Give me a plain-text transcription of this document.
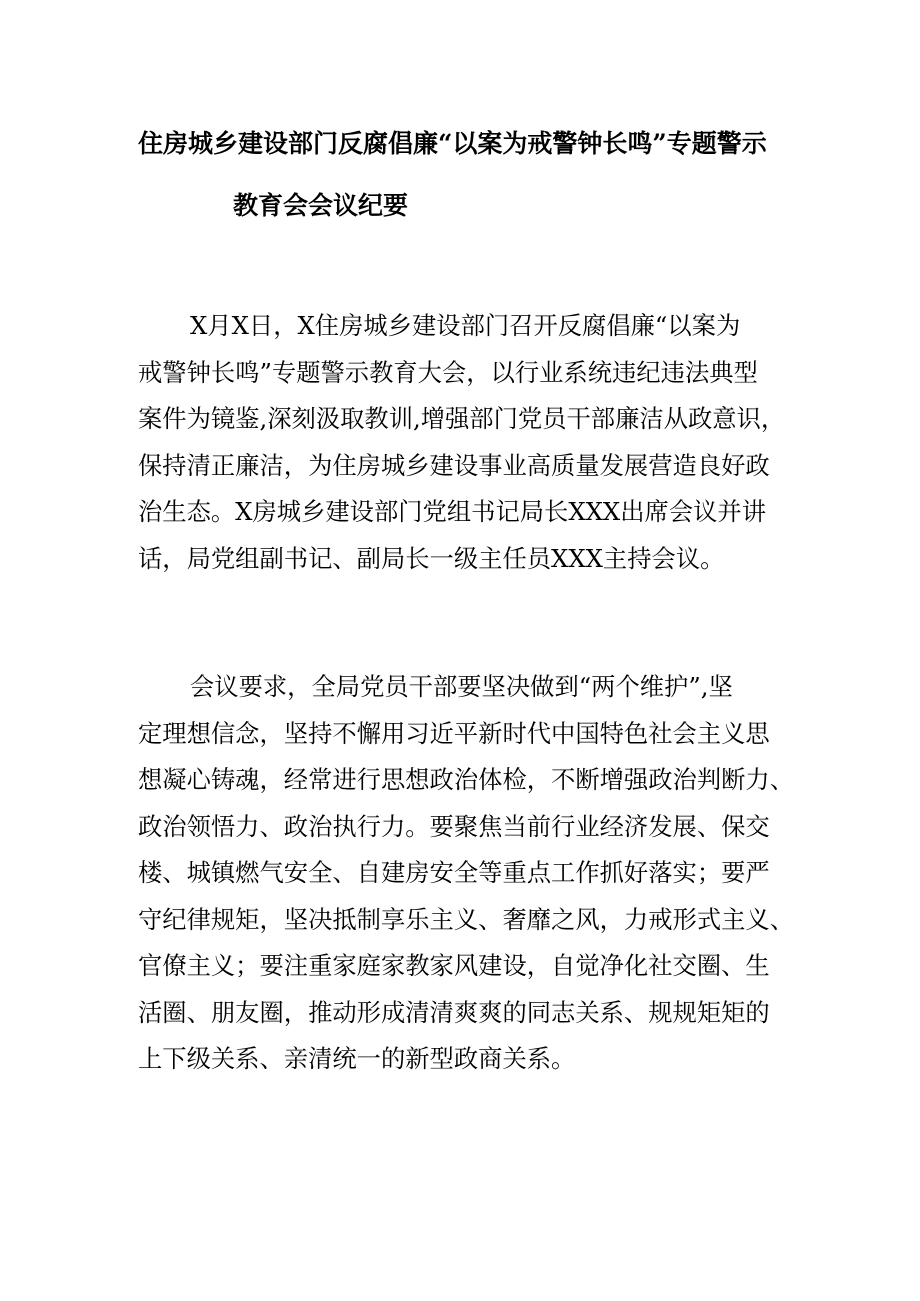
住房城乡建设部门反腐倡廉“以案为戒警钟长鸣”专题警示
教育会会议纪要
X月X日，X住房城乡建设部门召开反腐倡廉“以案为
戒警钟长鸣”专题警示教育大会，以行业系统违纪违法典型
案件为镜鉴,深刻汲取教训,增强部门党员干部廉洁从政意识，
保持清正廉洁，为住房城乡建设事业高质量发展营造良好政
治生态。X房城乡建设部门党组书记局长XXX出席会议并讲
话，局党组副书记、副局长一级主任员XXX主持会议。
会议要求，全局党员干部要坚决做到“两个维护”,坚
定理想信念，坚持不懈用习近平新时代中国特色社会主义思
想凝心铸魂，经常进行思想政治体检，不断增强政治判断力、
政治领悟力、政治执行力。要聚焦当前行业经济发展、保交
楼、城镇燃气安全、自建房安全等重点工作抓好落实；要严
守纪律规矩，坚决抵制享乐主义、奢靡之风，力戒形式主义、
官僚主义；要注重家庭家教家风建设，自觉净化社交圈、生
活圈、朋友圈，推动形成清清爽爽的同志关系、规规矩矩的
上下级关系、亲清统一的新型政商关系。
